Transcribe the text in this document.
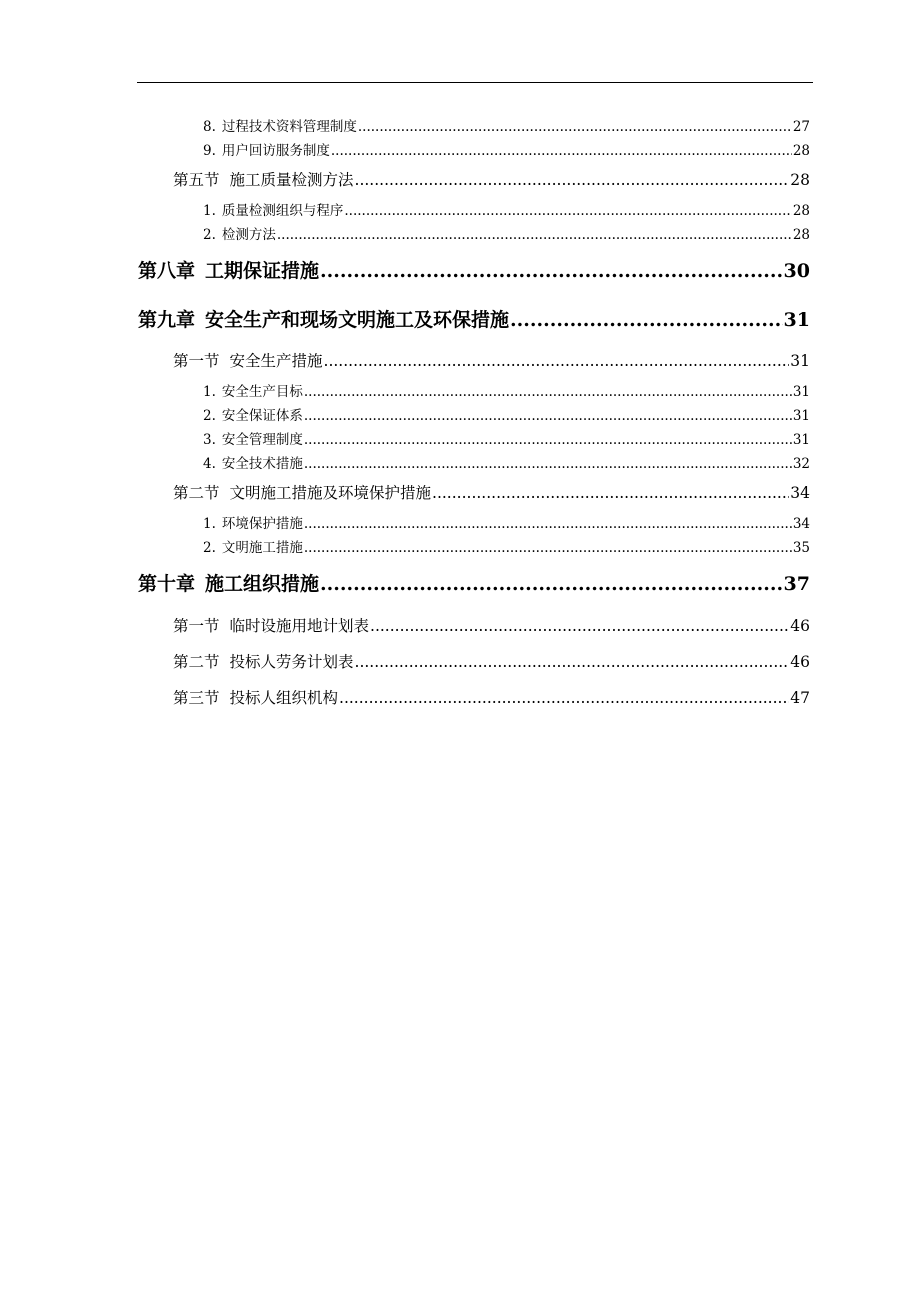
8. 过程技术资料管理制度 .....	27
9. 用户回访服务制度 .....	28
第五节 施工质量检测方法 .....	28
1. 质量检测组织与程序 .....	28
2. 检测方法 .....	28
第八章 工期保证措施 .....	30
第九章 安全生产和现场文明施工及环保措施 .....	31
第一节 安全生产措施 .....	31
1. 安全生产目标 .....	31
2. 安全保证体系 .....	31
3. 安全管理制度 .....	31
4. 安全技术措施 .....	32
第二节 文明施工措施及环境保护措施 .....	34
1. 环境保护措施 .....	34
2. 文明施工措施 .....	35
第十章 施工组织措施 .....	37
第一节 临时设施用地计划表 .....	46
第二节 投标人劳务计划表 .....	46
第三节 投标人组织机构 .....	47
